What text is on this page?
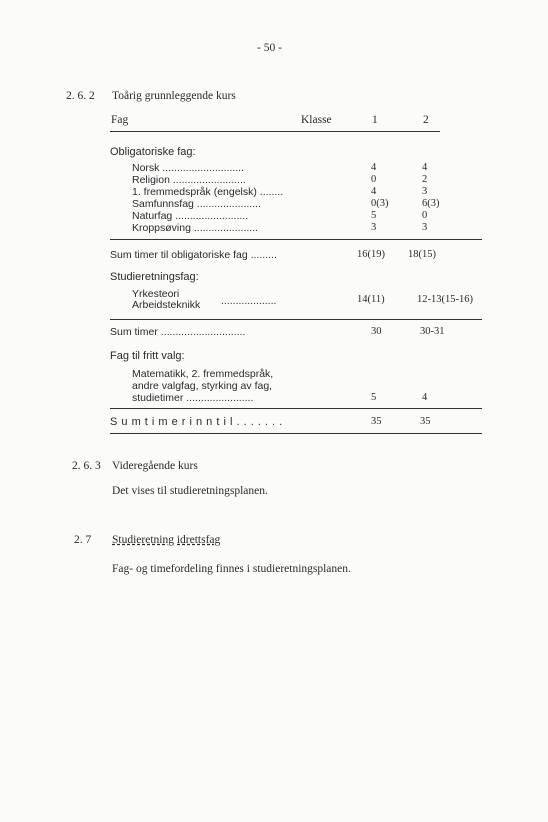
- 50 -
2. 6. 2 Toårig grunnleggende kurs
Fag	Klasse	1	2
Obligatoriske fag:
Norsk ............................	4	4
Religion .........................	0	2
1. fremmedspråk (engelsk) ........	4	3
Samfunnsfag ......................	0(3)	6(3)
Naturfag .........................	5	0
Kroppsøving ......................	3	3
Sum timer til obligatoriske fag .........	16(19) 18(15)
Studieretningsfag:
Yrkesteori
Arbeidsteknikk ...................	14(11)	12-13(15-16)
Sum timer .............................	30	30-31
Fag til fritt valg:
Matematikk, 2. fremmedspråk,
andre valgfag, styrking av fag,
studietimer .......................	5	4
S u m t i m e r i n n t i l . . . . . . .	35	35
2. 6. 3 Videregående kurs
Det vises til studieretningsplanen.
2. 7 Studieretning idrettsfag
Fag- og timefordeling finnes i studieretningsplanen.
